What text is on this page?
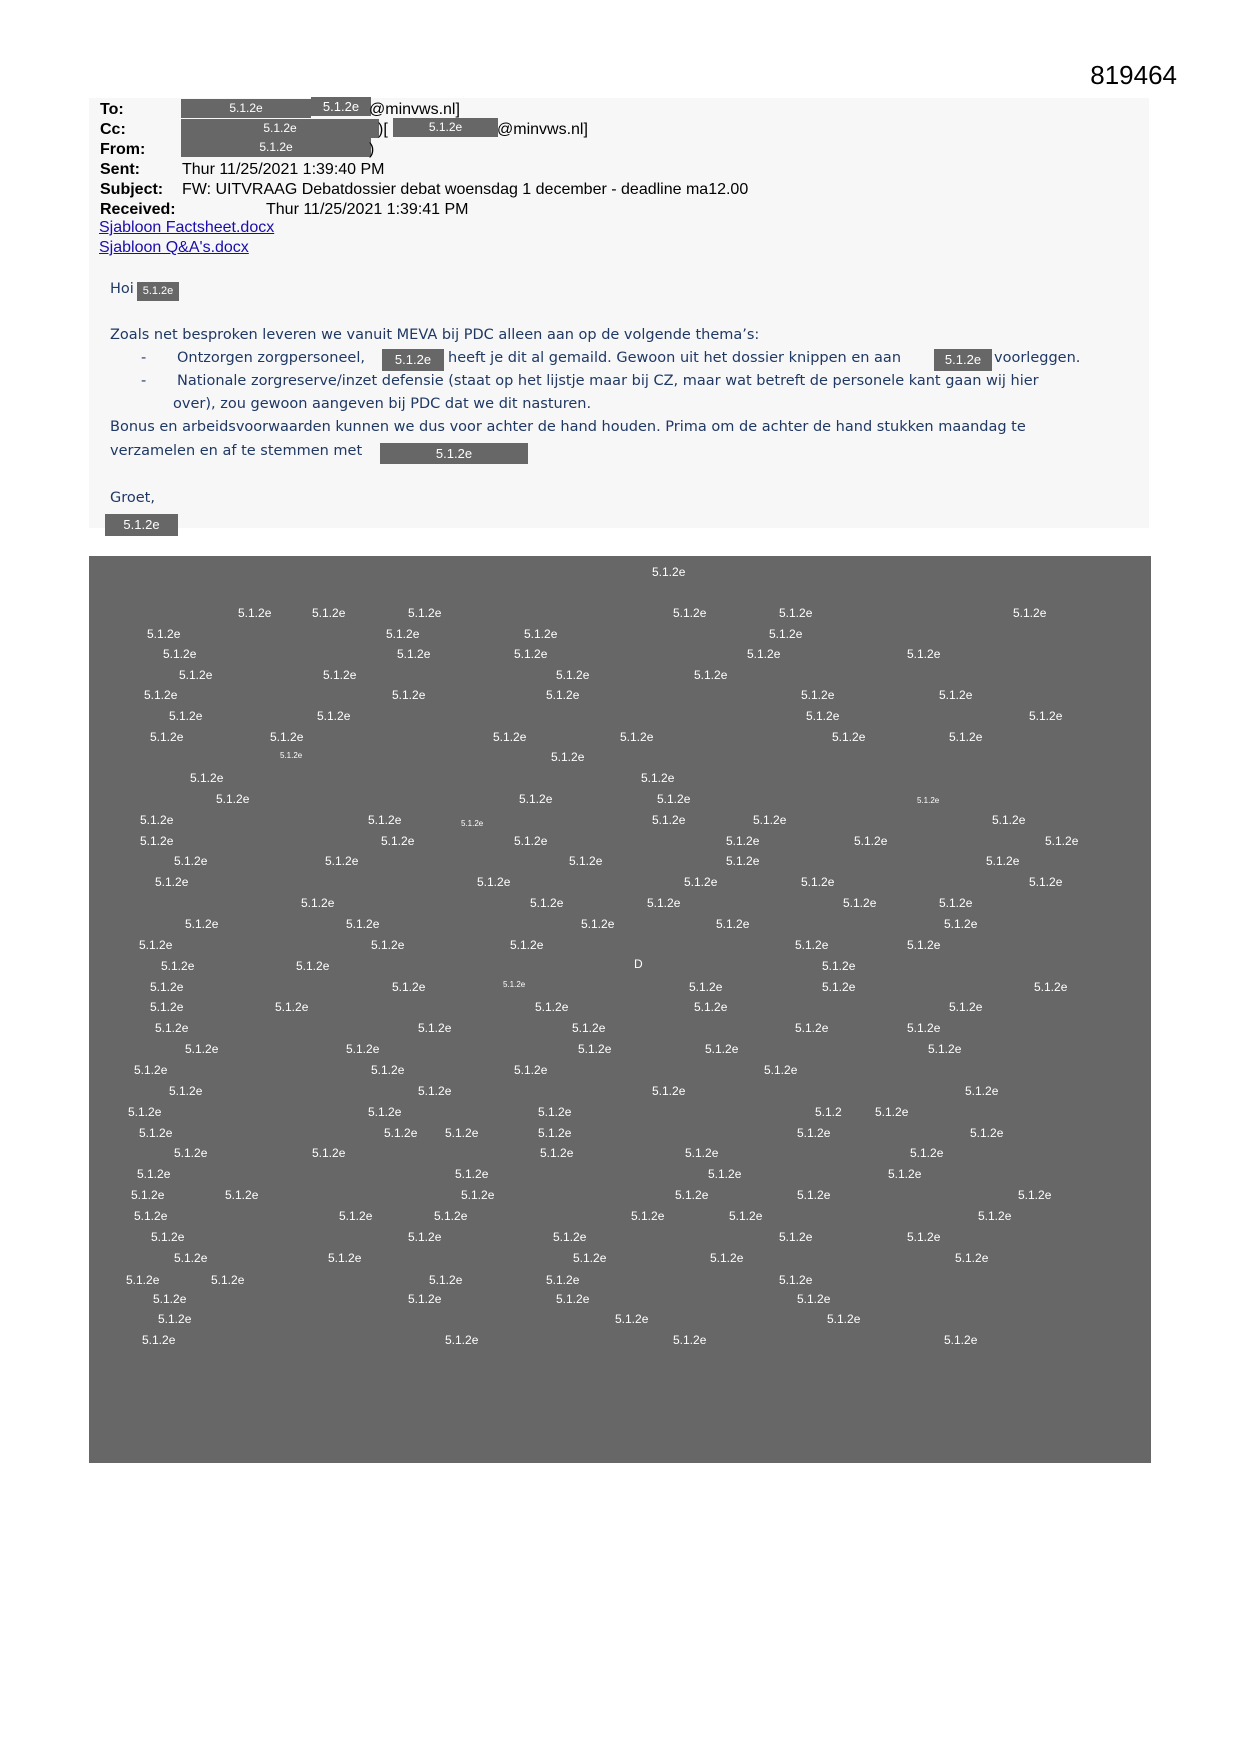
819464
To:	5.1.2e	5.1.2e @minvws.nl]
Cc:	5.1.2e	)[	5.1.2e	@minvws.nl]
From:	5.1.2e	)
Sent:	Thur 11/25/2021 1:39:40 PM
Subject: FW: UITVRAAG Debatdossier debat woensdag 1 december - deadline ma12.00
Received:	Thur 11/25/2021 1:39:41 PM
Sjabloon Factsheet.docx
Sjabloon Q&A's.docx
Hoi 5.1.2e
Zoals net besproken leveren we vanuit MEVA bij PDC alleen aan op de volgende thema’s:
- Ontzorgen zorgpersoneel,	5.1.2e	heeft je dit al gemaild. Gewoon uit het dossier knippen en aan	5.1.2e voorleggen.
- Nationale zorgreserve/inzet defensie (staat op het lijstje maar bij CZ, maar wat betreft de personele kant gaan wij hier
over), zou gewoon aangeven bij PDC dat we dit nasturen.
Bonus en arbeidsvoorwaarden kunnen we dus voor achter de hand houden. Prima om de achter de hand stukken maandag te
verzamelen en af te stemmen met	5.1.2e
Groet,
5.1.2e
5.1.2e
5.1.2e	5.1.2e	5.1.2e	5.1.2e	5.1.2e	5.1.2e
5.1.2e	5.1.2e	5.1.2e	5.1.2e
5.1.2e	5.1.2e	5.1.2e	5.1.2e	5.1.2e
5.1.2e	5.1.2e	5.1.2e	5.1.2e
5.1.2e	5.1.2e	5.1.2e	5.1.2e	5.1.2e
5.1.2e	5.1.2e	5.1.2e	5.1.2e
5.1.2e	5.1.2e	5.1.2e	5.1.2e	5.1.2e	5.1.2e
5.1.2e
5.1.2e	5.1.2e
5.1.2e	5.1.2e	5.1.2e
5.1.2e	5.1.2e	5.1.2e	5.1.2e	5.1.2e
5.1.2e	5.1.2e	5.1.2e	5.1.2e	5.1.2e	5.1.2e
5.1.2e	5.1.2e	5.1.2e	5.1.2e	5.1.2e
5.1.2e	5.1.2e	5.1.2e	5.1.2e	5.1.2e
5.1.2e	5.1.2e	5.1.2e	5.1.2e	5.1.2e
5.1.2e	5.1.2e	5.1.2e	5.1.2e	5.1.2e
5.1.2e	5.1.2e	5.1.2e	5.1.2e	5.1.2e
5.1.2e	5.1.2e	5.1.2e
5.1.2e	5.1.2e	5.1.2e	5.1.2e	5.1.2e
5.1.2e	5.1.2e	5.1.2e	5.1.2e	5.1.2e
5.1.2e	5.1.2e	5.1.2e	5.1.2e	5.1.2e
5.1.2e	5.1.2e	5.1.2e	5.1.2e	5.1.2e
5.1.2e	5.1.2e	5.1.2e	5.1.2e
5.1.2e	5.1.2e	5.1.2e	5.1.2e
5.1.2e	5.1.2e	5.1.2e	5.1.2e
5.1.2e	5.1.2e 5.1.2e	5.1.2e	5.1.2e	5.1.2e
5.1.2e	5.1.2e	5.1.2e	5.1.2e	5.1.2e
5.1.2e	5.1.2e	5.1.2e	5.1.2e
5.1.2e	5.1.2e	5.1.2e	5.1.2e	5.1.2e	5.1.2e
5.1.2e	5.1.2e	5.1.2e	5.1.2e	5.1.2e	5.1.2e
5.1.2e	5.1.2e	5.1.2e	5.1.2e	5.1.2e
5.1.2e	5.1.2e	5.1.2e	5.1.2e	5.1.2e
5.1.2e	5.1.2e	5.1.2e	5.1.2e	5.1.2e
5.1.2e	5.1.2e	5.1.2e	5.1.2e
5.1.2e	5.1.2e	5.1.2e
5.1.2e	5.1.2e	5.1.2e	5.1.2e
5.1.2e
5.1.2e
5.1.2e
5.1.2e
D
5.1.2
